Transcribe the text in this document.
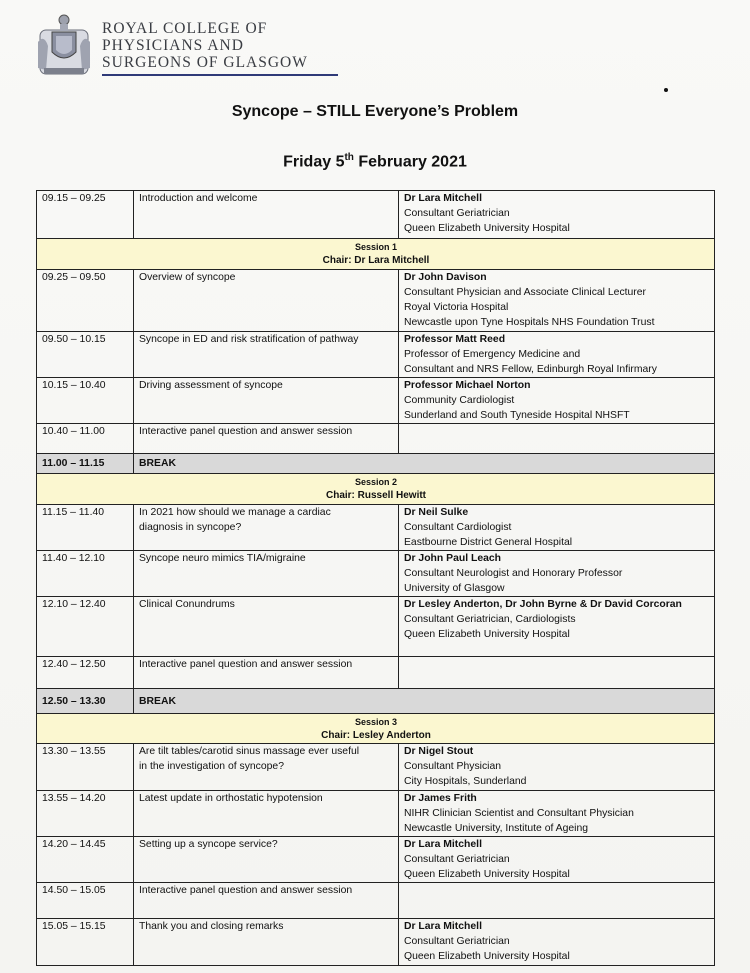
ROYAL COLLEGE OF
PHYSICIANS AND
SURGEONS OF GLASGOW
Syncope – STILL Everyone’s Problem
Friday 5th February 2021
09.15 – 09.25	Introduction and welcome	Dr Lara Mitchell
Consultant Geriatrician
Queen Elizabeth University Hospital

Session 1
Chair: Dr Lara Mitchell		
09.25 – 09.50	Overview of syncope	Dr John Davison
Consultant Physician and Associate Clinical Lecturer
Royal Victoria Hospital
Newcastle upon Tyne Hospitals NHS Foundation Trust

09.50 – 10.15	Syncope in ED and risk stratification of pathway	Professor Matt Reed
Professor of Emergency Medicine and
Consultant and NRS Fellow, Edinburgh Royal Infirmary

10.15 – 10.40	Driving assessment of syncope	Professor Michael Norton
Community Cardiologist
Sunderland and South Tyneside Hospital NHSFT

10.40 – 11.00	Interactive panel question and answer session	
11.00 – 11.15	BREAK	

Session 2
Chair: Russell Hewitt		
11.15 – 11.40	In 2021 how should we manage a cardiac
diagnosis in syncope?	Dr Neil Sulke
Consultant Cardiologist
Eastbourne District General Hospital

11.40 – 12.10	Syncope neuro mimics TIA/migraine	Dr John Paul Leach
Consultant Neurologist and Honorary Professor
University of Glasgow

12.10 – 12.40	Clinical Conundrums	Dr Lesley Anderton, Dr John Byrne & Dr David Corcoran
Consultant Geriatrician, Cardiologists
Queen Elizabeth University Hospital

12.40 – 12.50	Interactive panel question and answer session	
12.50 – 13.30	BREAK	

Session 3
Chair: Lesley Anderton		
13.30 – 13.55	Are tilt tables/carotid sinus massage ever useful
in the investigation of syncope?	Dr Nigel Stout
Consultant Physician
City Hospitals, Sunderland

13.55 – 14.20	Latest update in orthostatic hypotension	Dr James Frith
NIHR Clinician Scientist and Consultant Physician
Newcastle University, Institute of Ageing

14.20 – 14.45	Setting up a syncope service?	Dr Lara Mitchell
Consultant Geriatrician
Queen Elizabeth University Hospital

14.50 – 15.05	Interactive panel question and answer session	
15.05 – 15.15	Thank you and closing remarks	Dr Lara Mitchell
Consultant Geriatrician
Queen Elizabeth University Hospital
